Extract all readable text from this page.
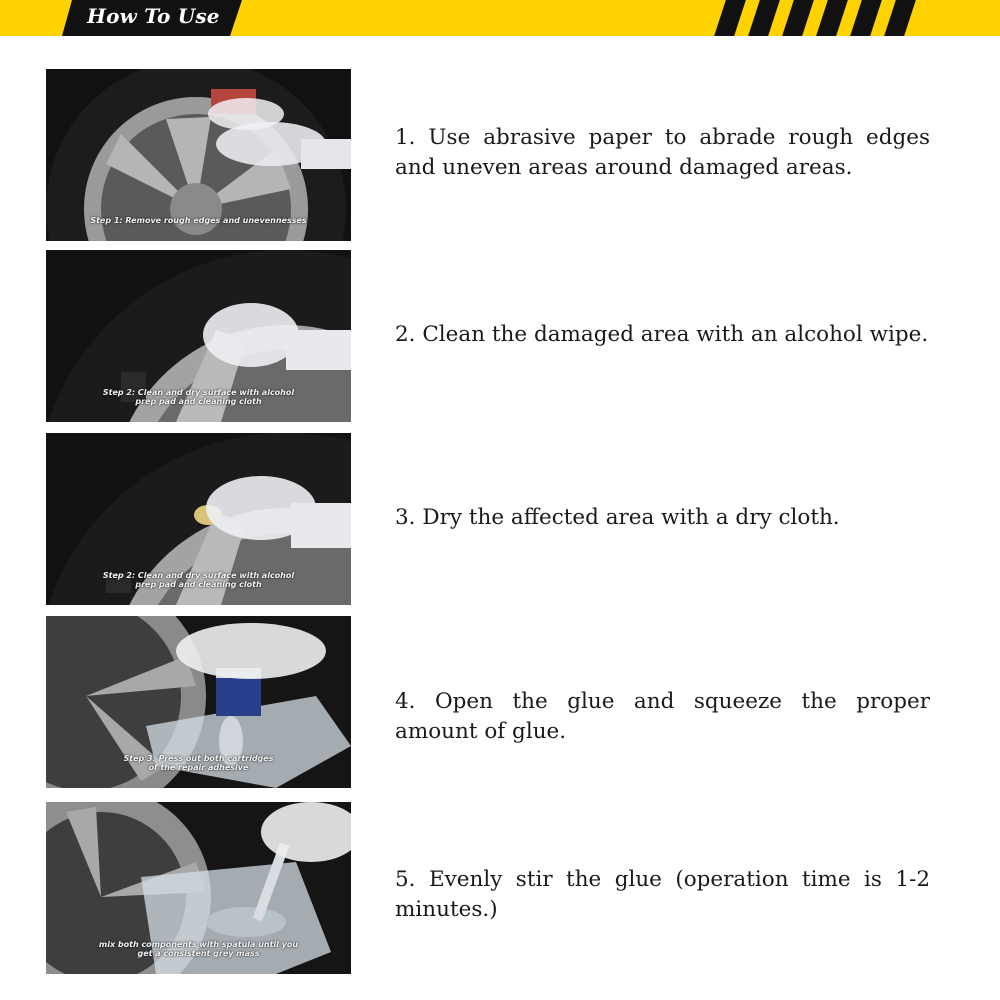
How To Use
Step 1: Remove rough edges and unevennesses
1. Use abrasive paper to abrade rough edges and uneven areas around damaged areas.
Step 2: Clean and dry surface with alcohol
prep pad and cleaning cloth
2. Clean the damaged area with an alcohol wipe.
Step 2: Clean and dry surface with alcohol
prep pad and cleaning cloth
3. Dry the affected area with a dry cloth.
Step 3: Press out both cartridges
of the repair adhesive
4. Open the glue and squeeze the proper amount of glue.
mix both components with spatula until you
get a consistent grey mass
5. Evenly stir the glue (operation time is 1-2 minutes.)
